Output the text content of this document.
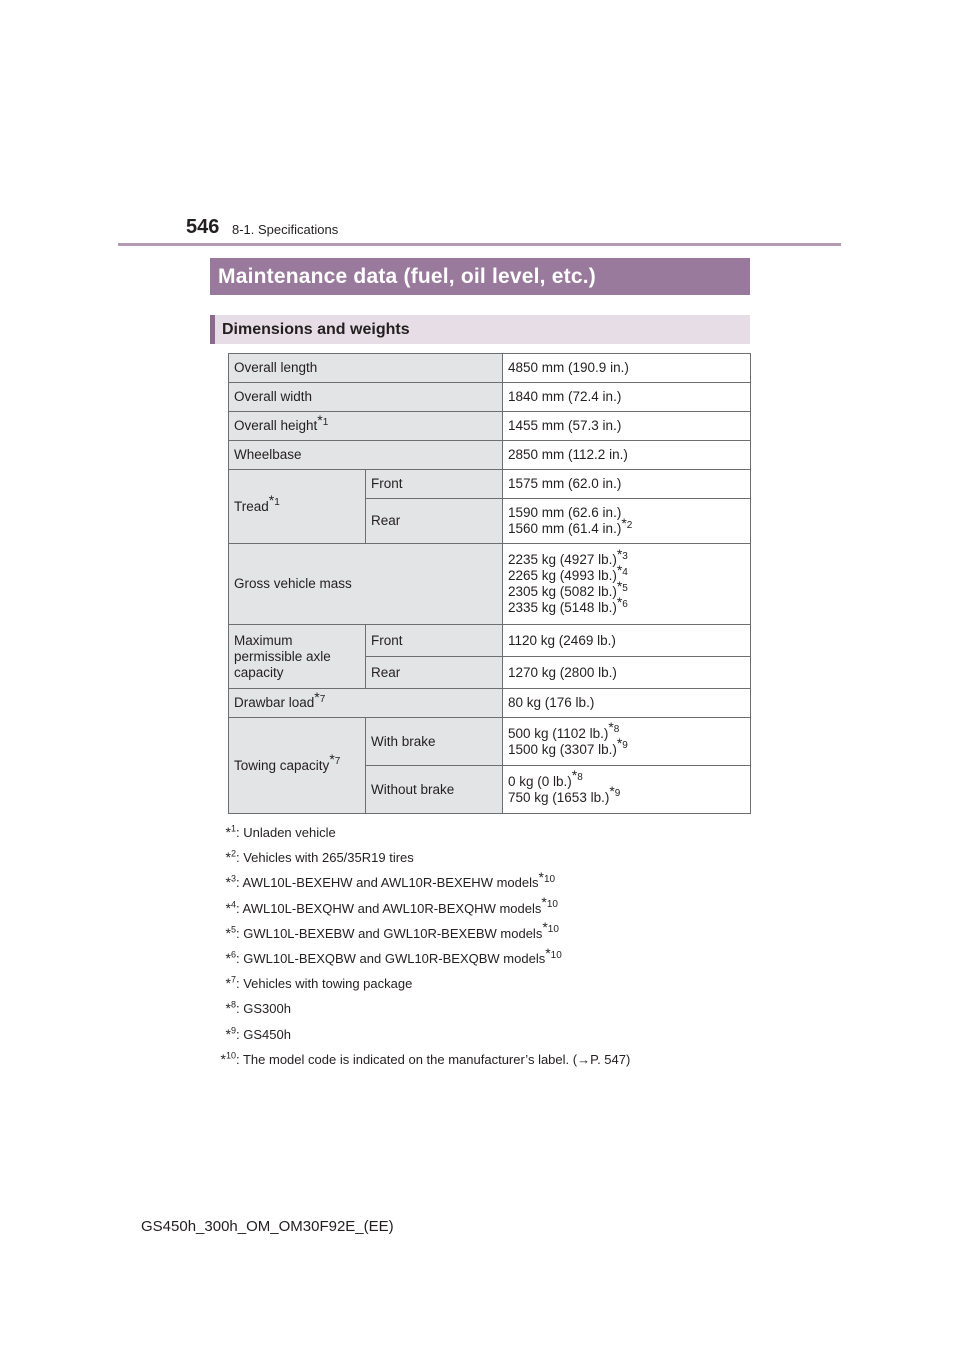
546 8-1. Specifications
Maintenance data (fuel, oil level, etc.)
Dimensions and weights
Overall length		4850 mm (190.9 in.)
Overall width		1840 mm (72.4 in.)
Overall height$^{*1}$		1455 mm (57.3 in.)
Wheelbase		2850 mm (112.2 in.)
Tread$^{*1}$	Front	1575 mm (62.0 in.)
	Rear	1590 mm (62.6 in.)
1560 mm (61.4 in.)$^{*2}$

Gross vehicle mass		2235 kg (4927 lb.)$^{*3}$
2265 kg (4993 lb.)$^{*4}$
2305 kg (5082 lb.)$^{*5}$
2335 kg (5148 lb.)$^{*6}$

Maximum
permissible axle
capacity	Front	1120 kg (2469 lb.)
	Rear	1270 kg (2800 lb.)
Drawbar load$^{*7}$		80 kg (176 lb.)
Towing capacity$^{*7}$	With brake	500 kg (1102 lb.)$^{*8}$
1500 kg (3307 lb.)$^{*9}$

	Without brake	0 kg (0 lb.)$^{*8}$
750 kg (1653 lb.)$^{*9}$
*$^1$: Unladen vehicle
*$^2$: Vehicles with 265/35R19 tires
*$^3$: AWL10L-BEXEHW and AWL10R-BEXEHW models$^{*10}$
*$^4$: AWL10L-BEXQHW and AWL10R-BEXQHW models$^{*10}$
*$^5$: GWL10L-BEXEBW and GWL10R-BEXEBW models$^{*10}$
*$^6$: GWL10L-BEXQBW and GWL10R-BEXQBW models$^{*10}$
*$^7$: Vehicles with towing package
*$^8$: GS300h
*$^9$: GS450h
*$^{10}$: The model code is indicated on the manufacturer’s label. (→P. 547)
GS450h_300h_OM_OM30F92E_(EE)
